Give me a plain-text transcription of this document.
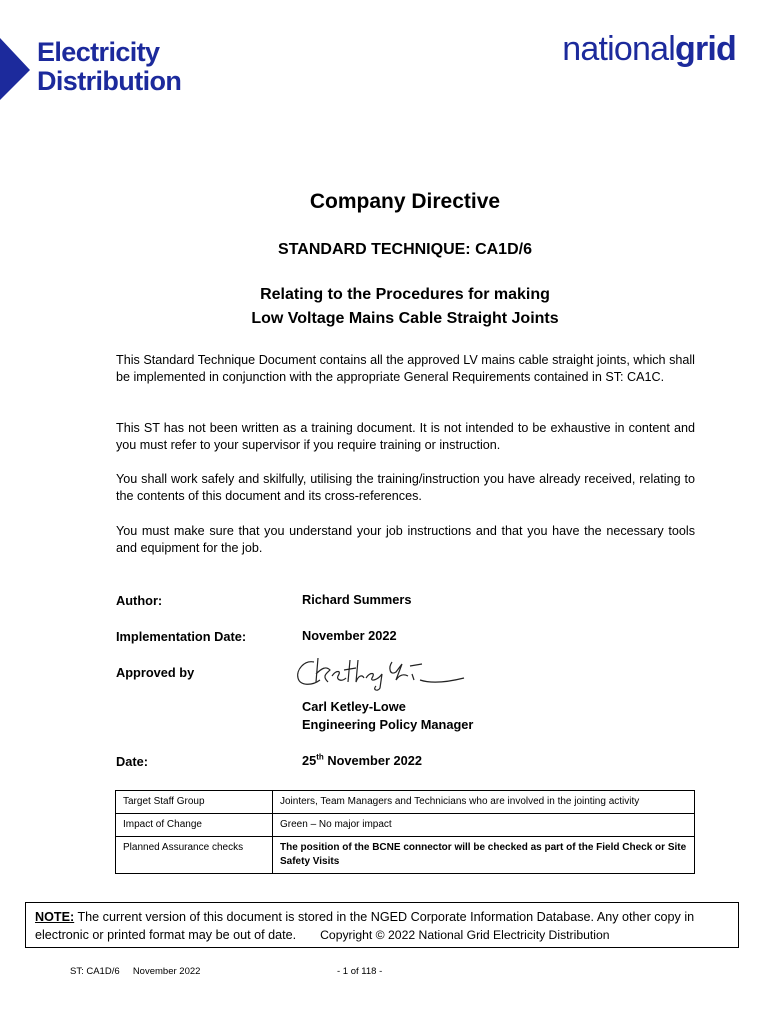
Electricity
Distribution
nationalgrid
Company Directive
STANDARD TECHNIQUE: CA1D/6
Relating to the Procedures for making
Low Voltage Mains Cable Straight Joints
This Standard Technique Document contains all the approved LV mains cable straight joints, which shall be implemented in conjunction with the appropriate General Requirements contained in ST: CA1C.
This ST has not been written as a training document. It is not intended to be exhaustive in content and you must refer to your supervisor if you require training or instruction.
You shall work safely and skilfully, utilising the training/instruction you have already received, relating to the contents of this document and its cross-references.
You must make sure that you understand your job instructions and that you have the necessary tools and equipment for the job.
Author:	Richard Summers
Implementation Date:	November 2022
Approved by
Carl Ketley-Lowe
Engineering Policy Manager
Date:	25th November 2022
Target Staff Group	Jointers, Team Managers and Technicians who are involved in the jointing activity
Impact of Change	Green – No major impact
Planned Assurance checks	The position of the BCNE connector will be checked as part of the Field Check or Site Safety Visits
NOTE: The current version of this document is stored in the NGED Corporate Information Database. Any other copy in electronic or printed format may be out of date. Copyright © 2022 National Grid Electricity Distribution
ST: CA1D/6     November 2022	- 1 of 118 -
